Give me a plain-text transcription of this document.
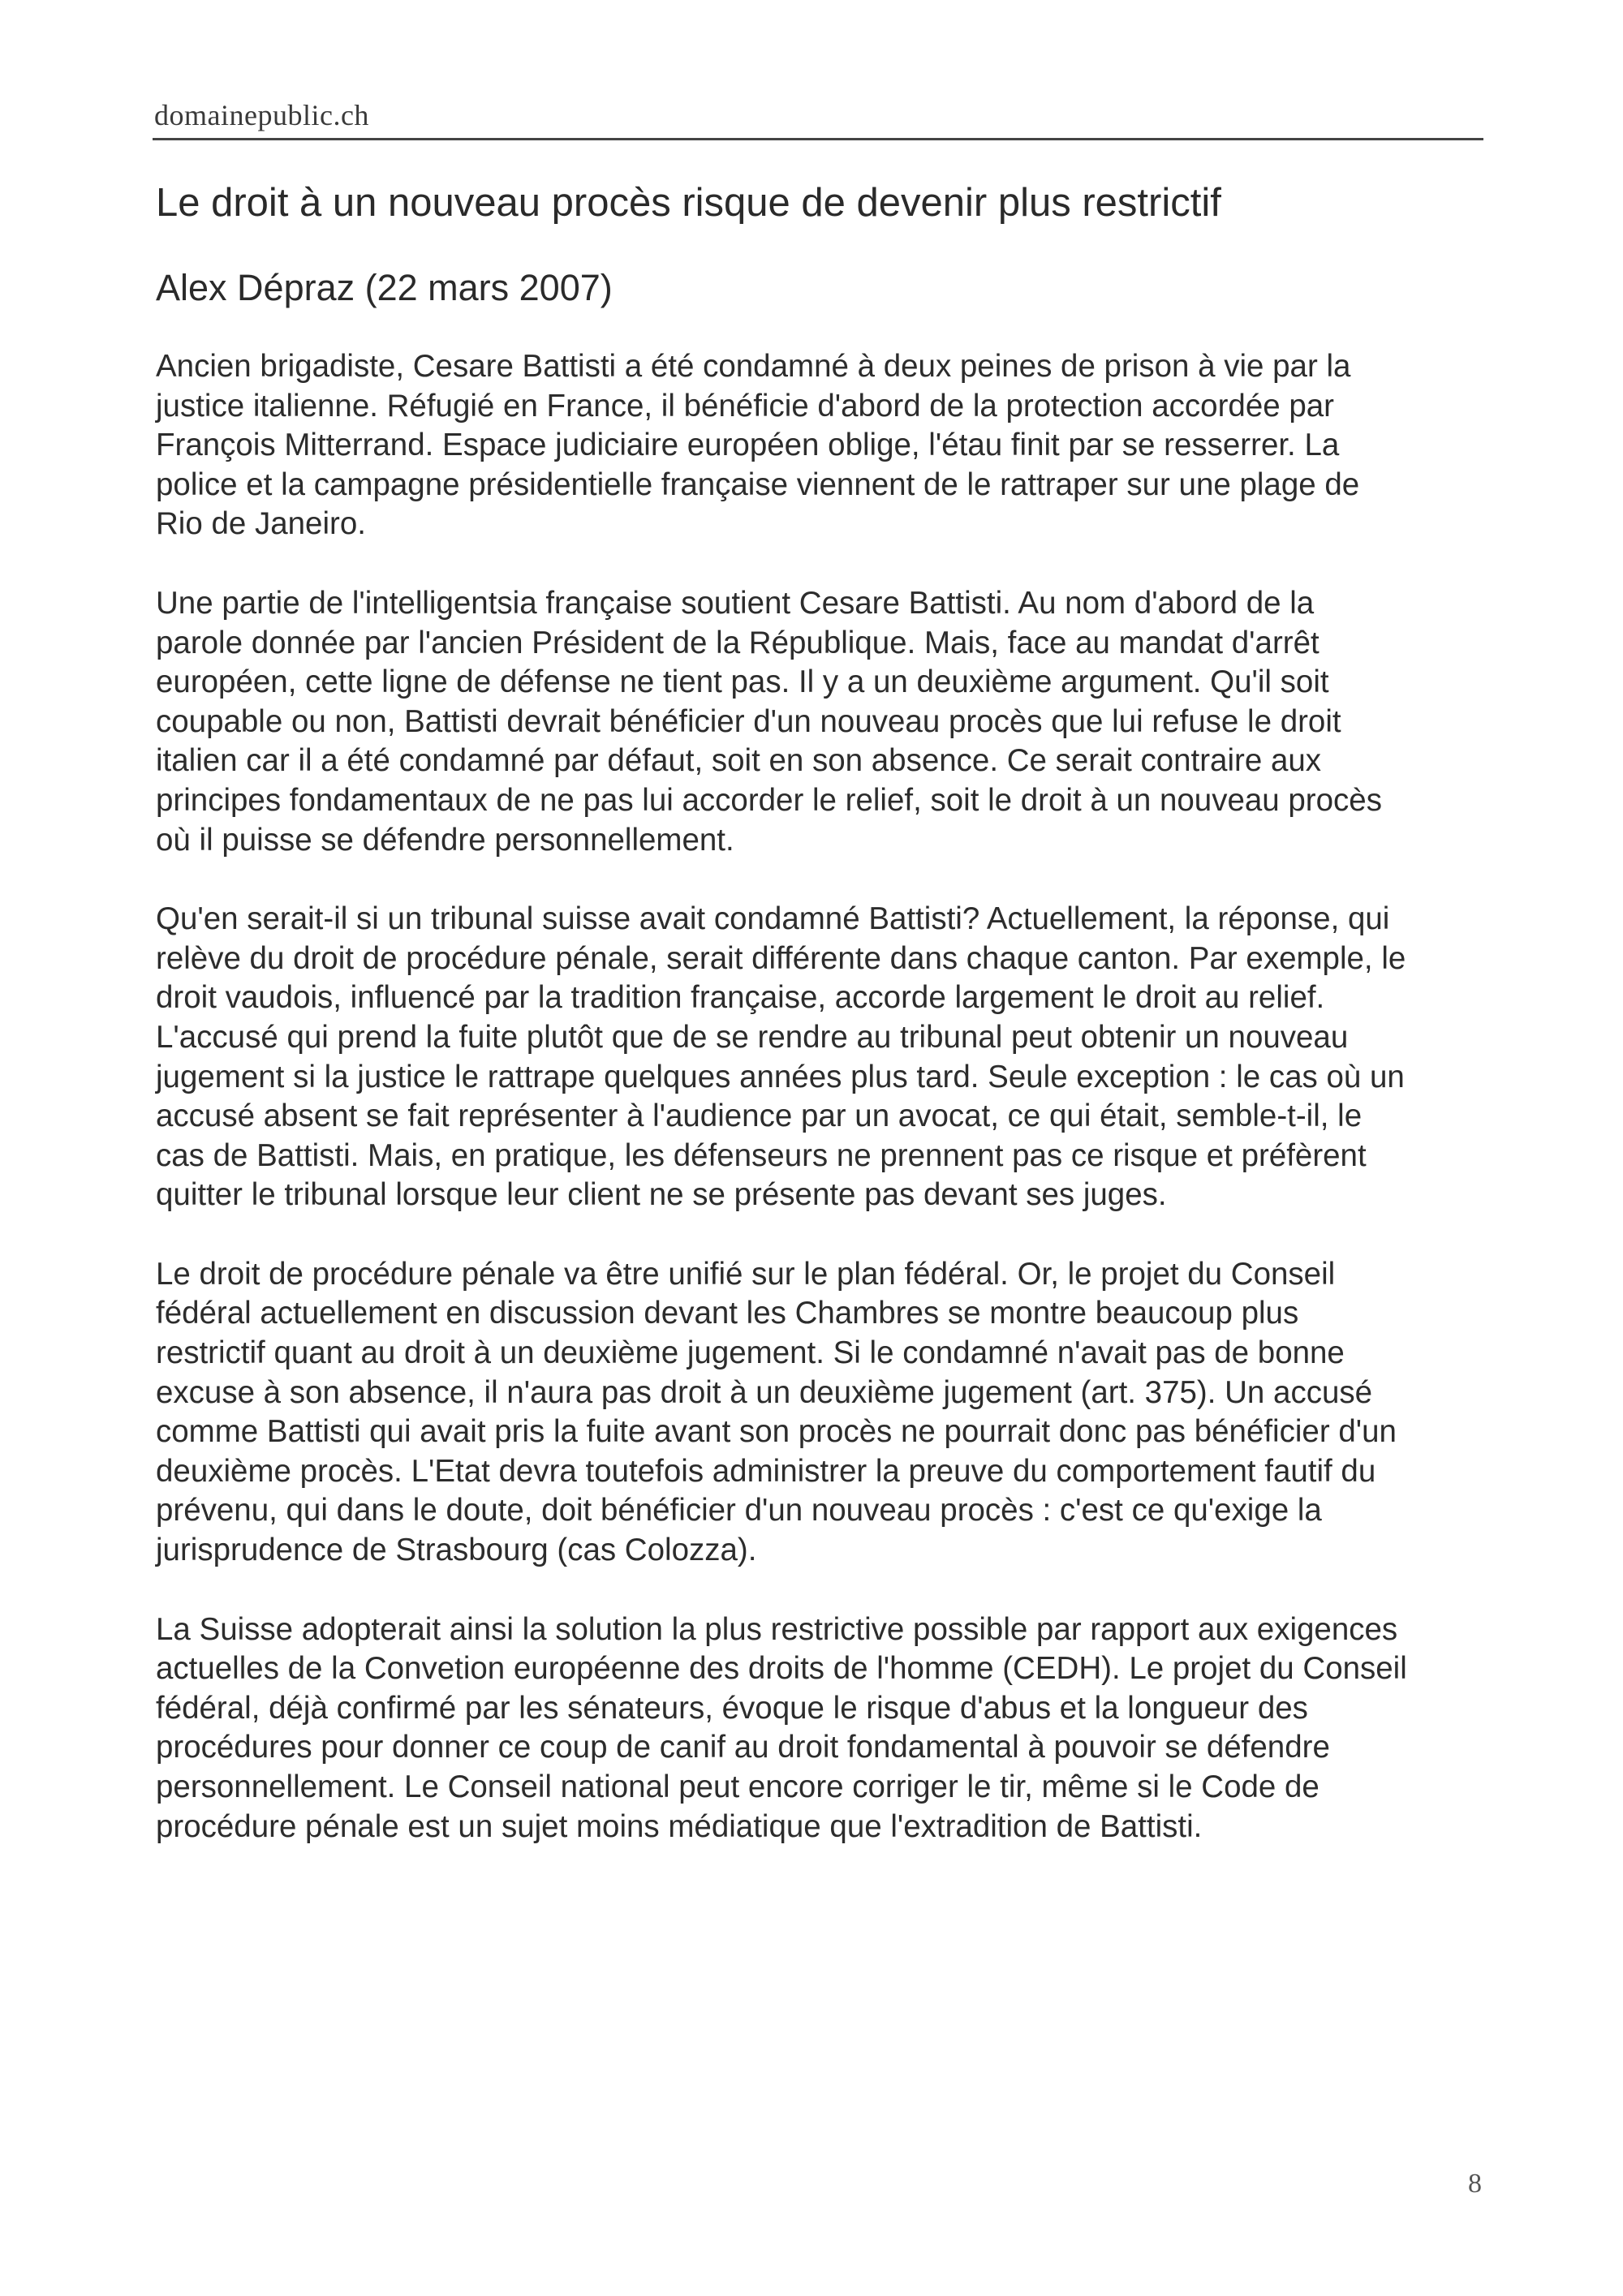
domainepublic.ch
Le droit à un nouveau procès risque de devenir plus restrictif
Alex Dépraz (22 mars 2007)

Ancien brigadiste, Cesare Battisti a été condamné à deux peines de prison à vie par la
justice italienne. Réfugié en France, il bénéficie d'abord de la protection accordée par
François Mitterrand. Espace judiciaire européen oblige, l'étau finit par se resserrer. La
police et la campagne présidentielle française viennent de le rattraper sur une plage de
Rio de Janeiro.

Une partie de l'intelligentsia française soutient Cesare Battisti. Au nom d'abord de la
parole donnée par l'ancien Président de la République. Mais, face au mandat d'arrêt
européen, cette ligne de défense ne tient pas. Il y a un deuxième argument. Qu'il soit
coupable ou non, Battisti devrait bénéficier d'un nouveau procès que lui refuse le droit
italien car il a été condamné par défaut, soit en son absence. Ce serait contraire aux
principes fondamentaux de ne pas lui accorder le relief, soit le droit à un nouveau procès
où il puisse se défendre personnellement.

Qu'en serait-il si un tribunal suisse avait condamné Battisti? Actuellement, la réponse, qui
relève du droit de procédure pénale, serait différente dans chaque canton. Par exemple, le
droit vaudois, influencé par la tradition française, accorde largement le droit au relief.
L'accusé qui prend la fuite plutôt que de se rendre au tribunal peut obtenir un nouveau
jugement si la justice le rattrape quelques années plus tard. Seule exception : le cas où un
accusé absent se fait représenter à l'audience par un avocat, ce qui était, semble-t-il, le
cas de Battisti. Mais, en pratique, les défenseurs ne prennent pas ce risque et préfèrent
quitter le tribunal lorsque leur client ne se présente pas devant ses juges.

Le droit de procédure pénale va être unifié sur le plan fédéral. Or, le projet du Conseil
fédéral actuellement en discussion devant les Chambres se montre beaucoup plus
restrictif quant au droit à un deuxième jugement. Si le condamné n'avait pas de bonne
excuse à son absence, il n'aura pas droit à un deuxième jugement (art. 375). Un accusé
comme Battisti qui avait pris la fuite avant son procès ne pourrait donc pas bénéficier d'un
deuxième procès. L'Etat devra toutefois administrer la preuve du comportement fautif du
prévenu, qui dans le doute, doit bénéficier d'un nouveau procès : c'est ce qu'exige la
jurisprudence de Strasbourg (cas Colozza).

La Suisse adopterait ainsi la solution la plus restrictive possible par rapport aux exigences
actuelles de la Convetion européenne des droits de l'homme (CEDH). Le projet du Conseil
fédéral, déjà confirmé par les sénateurs, évoque le risque d'abus et la longueur des
procédures pour donner ce coup de canif au droit fondamental à pouvoir se défendre
personnellement. Le Conseil national peut encore corriger le tir, même si le Code de
procédure pénale est un sujet moins médiatique que l'extradition de Battisti.

8
